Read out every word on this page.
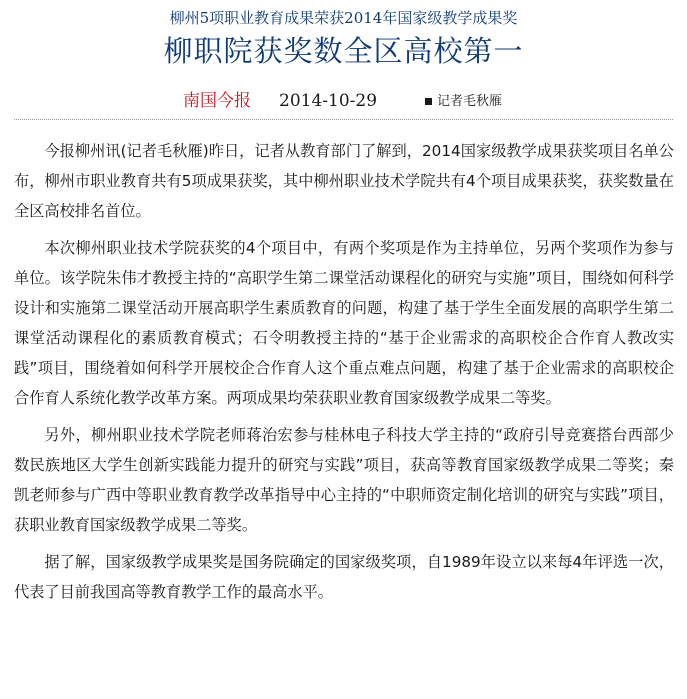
柳州5项职业教育成果荣获2014年国家级教学成果奖
柳职院获奖数全区高校第一
南国今报 2014-10-29	记者毛秋雁

今报柳州讯(记者毛秋雁)昨日，记者从教育部门了解到，2014国家级教学成果获奖项目名单公布，柳州市职业教育共有5项成果获奖，其中柳州职业技术学院共有4个项目成果获奖，获奖数量在全区高校排名首位。

本次柳州职业技术学院获奖的4个项目中，有两个奖项是作为主持单位，另两个奖项作为参与单位。该学院朱伟才教授主持的“高职学生第二课堂活动课程化的研究与实施”项目，围绕如何科学设计和实施第二课堂活动开展高职学生素质教育的问题，构建了基于学生全面发展的高职学生第二课堂活动课程化的素质教育模式；石令明教授主持的“基于企业需求的高职校企合作育人教改实践”项目，围绕着如何科学开展校企合作育人这个重点难点问题，构建了基于企业需求的高职校企合作育人系统化教学改革方案。两项成果均荣获职业教育国家级教学成果二等奖。

另外，柳州职业技术学院老师蒋治宏参与桂林电子科技大学主持的“政府引导竞赛搭台西部少数民族地区大学生创新实践能力提升的研究与实践”项目，获高等教育国家级教学成果二等奖；秦凯老师参与广西中等职业教育教学改革指导中心主持的“中职师资定制化培训的研究与实践”项目，获职业教育国家级教学成果二等奖。

据了解，国家级教学成果奖是国务院确定的国家级奖项，自1989年设立以来每4年评选一次，代表了目前我国高等教育教学工作的最高水平。
